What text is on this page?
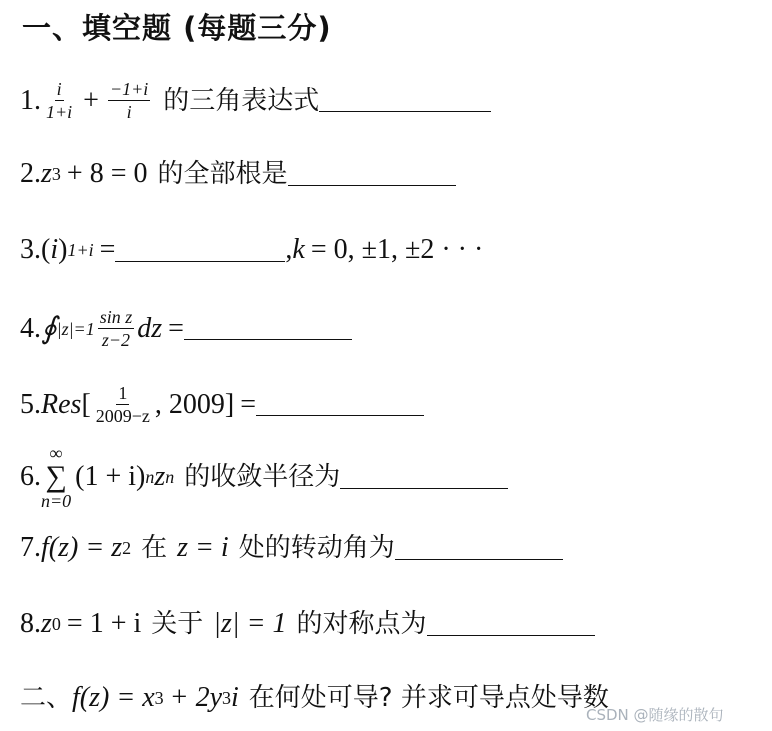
一、填空题 (每题三分)
1. $\frac{i}{1+i} + \frac{-1+i}{i}$ 的三角表达式
2. z 3 + 8 = 0 的全部根是
3.( i ) 1+i =	, k = 0, ±1, ±2 · · ·
4. ∮ $|z|=1 \frac{\text{sin z}}{z-2}$ dz =
5. Res [ $\frac{1}{2009-z}$ , 2009] =
6.
∞
∑
n=0
(1 + i) n z n 的收敛半径为
7. f(z) = z 2 在 z = i 处的转动角为
8. z 0 = 1 + i 关于 |z| = 1 的对称点为
二、 f(z) = x 3 + 2y 3 i 在何处可导? 并求可导点处导数
CSDN @随缘的散句
